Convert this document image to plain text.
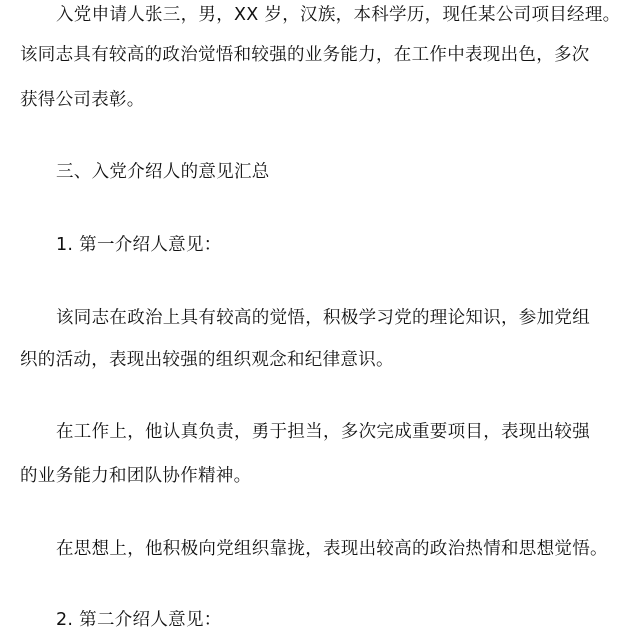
入党申请人张三，男，XX 岁，汉族，本科学历，现任某公司项目经理。

该同志具有较高的政治觉悟和较强的业务能力，在工作中表现出色，多次

获得公司表彰。

三、入党介绍人的意见汇总

1. 第一介绍人意见：

该同志在政治上具有较高的觉悟，积极学习党的理论知识，参加党组

织的活动，表现出较强的组织观念和纪律意识。

在工作上，他认真负责，勇于担当，多次完成重要项目，表现出较强

的业务能力和团队协作精神。

在思想上，他积极向党组织靠拢，表现出较高的政治热情和思想觉悟。

2. 第二介绍人意见：
